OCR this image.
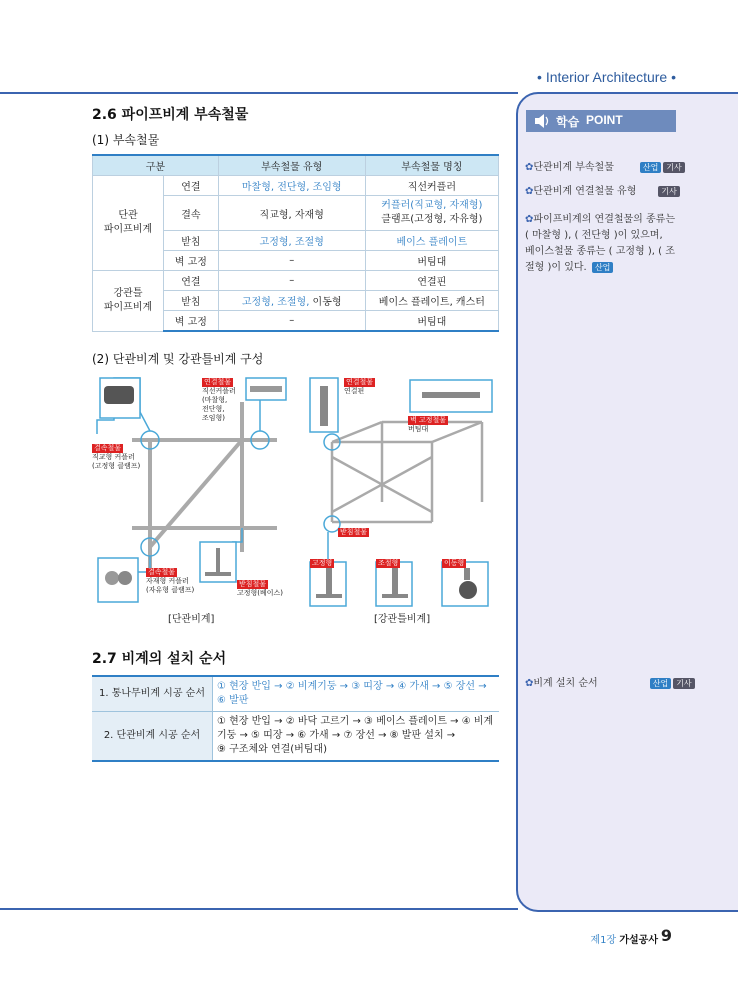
• Interior Architecture •
학습 POINT
✿단관비계 부속철물	산업 기사
✿단관비계 연결철물 유형	기사
✿파이프비계의 연결철물의 종류는 ( 마찰형 ), ( 전단형 )이 있으며, 베이스철물 종류는 ( 고정형 ), ( 조절형 )이 있다. 산업
✿비계 설치 순서	산업 기사
2.6 파이프비계 부속철물
(1) 부속철물
구분		부속철물 유형	부속철물 명칭
단관
파이프비계	연결	마찰형, 전단형, 조임형	직선커플러
	결속	직교형, 자재형	커플러(직교형, 자재형)
클램프(고정형, 자유형)
	받침	고정형, 조절형	베이스 플레이트
	벽 고정	–	버팀대
강관틀
파이프비계	연결	–	연결핀
	받침	고정형, 조절형, 이동형	베이스 플레이트, 캐스터
	벽 고정	–	버팀대
(2) 단관비계 및 강관틀비계 구성
연결철물
직선커플러
(마찰형,
전단형,
조임형)
결속철물
직교형 커플러
(고정형 클램프)
결속철물
자재형 커플러
(자유형 클램프)
받침철물
고정형(베이스)
[단관비계]
연결철물
연결핀
벽 고정철물
버팀대
받침철물
고정형	조절형	이동형
[강관틀비계]
2.7 비계의 설치 순서
1. 통나무비계 시공 순서	① 현장 반입 → ② 비계기둥 → ③ 띠장 → ④ 가새 → ⑤ 장선 → ⑥ 발판
2. 단관비계 시공 순서	① 현장 반입 → ② 바닥 고르기 → ③ 베이스 플레이트 → ④ 비계
기둥 → ⑤ 띠장 → ⑥ 가새 → ⑦ 장선 → ⑧ 발판 설치 →
⑨ 구조체와 연결(버팀대)
제1장 가설공사 9
